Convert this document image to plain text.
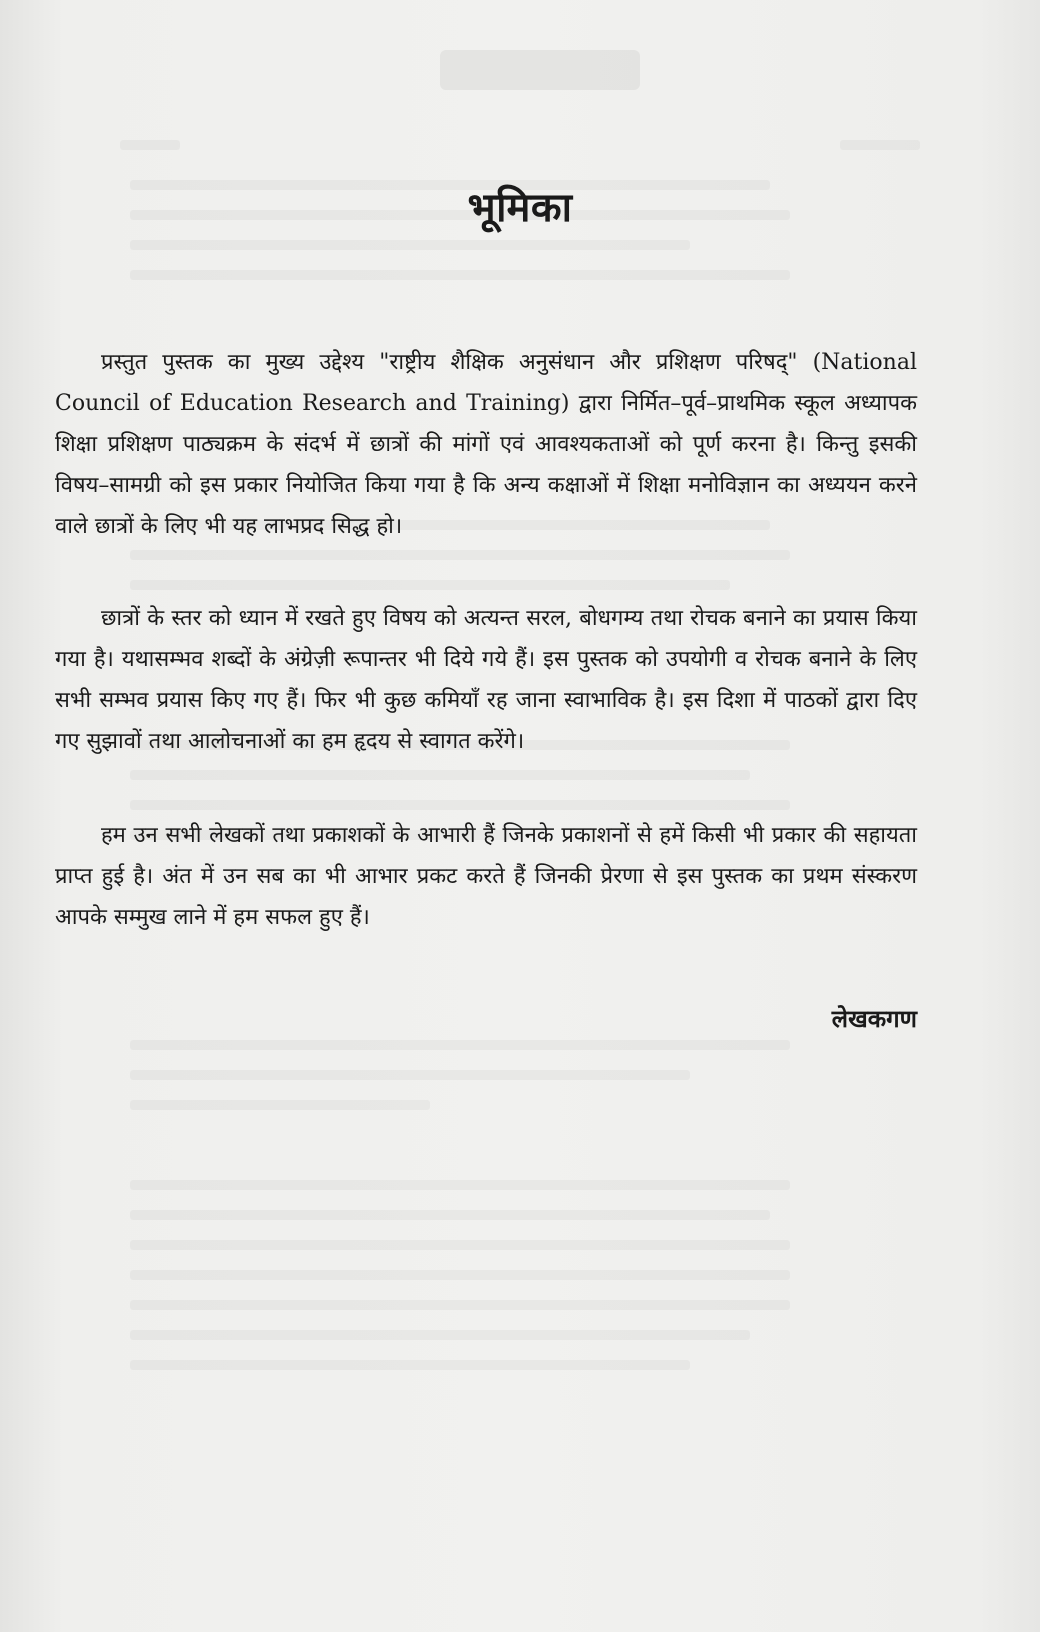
भूमिका

प्रस्तुत पुस्तक का मुख्य उद्देश्य "राष्ट्रीय शैक्षिक अनुसंधान और प्रशिक्षण परिषद्" (National Council of Education Research and Training) द्वारा निर्मित–पूर्व–प्राथमिक स्कूल अध्यापक शिक्षा प्रशिक्षण पाठ्यक्रम के संदर्भ में छात्रों की मांगों एवं आवश्यकताओं को पूर्ण करना है। किन्तु इसकी विषय–सामग्री को इस प्रकार नियोजित किया गया है कि अन्य कक्षाओं में शिक्षा मनोविज्ञान का अध्ययन करने वाले छात्रों के लिए भी यह लाभप्रद सिद्ध हो।

छात्रों के स्तर को ध्यान में रखते हुए विषय को अत्यन्त सरल, बोधगम्य तथा रोचक बनाने का प्रयास किया गया है। यथासम्भव शब्दों के अंग्रेज़ी रूपान्तर भी दिये गये हैं। इस पुस्तक को उपयोगी व रोचक बनाने के लिए सभी सम्भव प्रयास किए गए हैं। फिर भी कुछ कमियाँ रह जाना स्वाभाविक है। इस दिशा में पाठकों द्वारा दिए गए सुझावों तथा आलोचनाओं का हम हृदय से स्वागत करेंगे।

हम उन सभी लेखकों तथा प्रकाशकों के आभारी हैं जिनके प्रकाशनों से हमें किसी भी प्रकार की सहायता प्राप्त हुई है। अंत में उन सब का भी आभार प्रकट करते हैं जिनकी प्रेरणा से इस पुस्तक का प्रथम संस्करण आपके सम्मुख लाने में हम सफल हुए हैं।

लेखकगण
